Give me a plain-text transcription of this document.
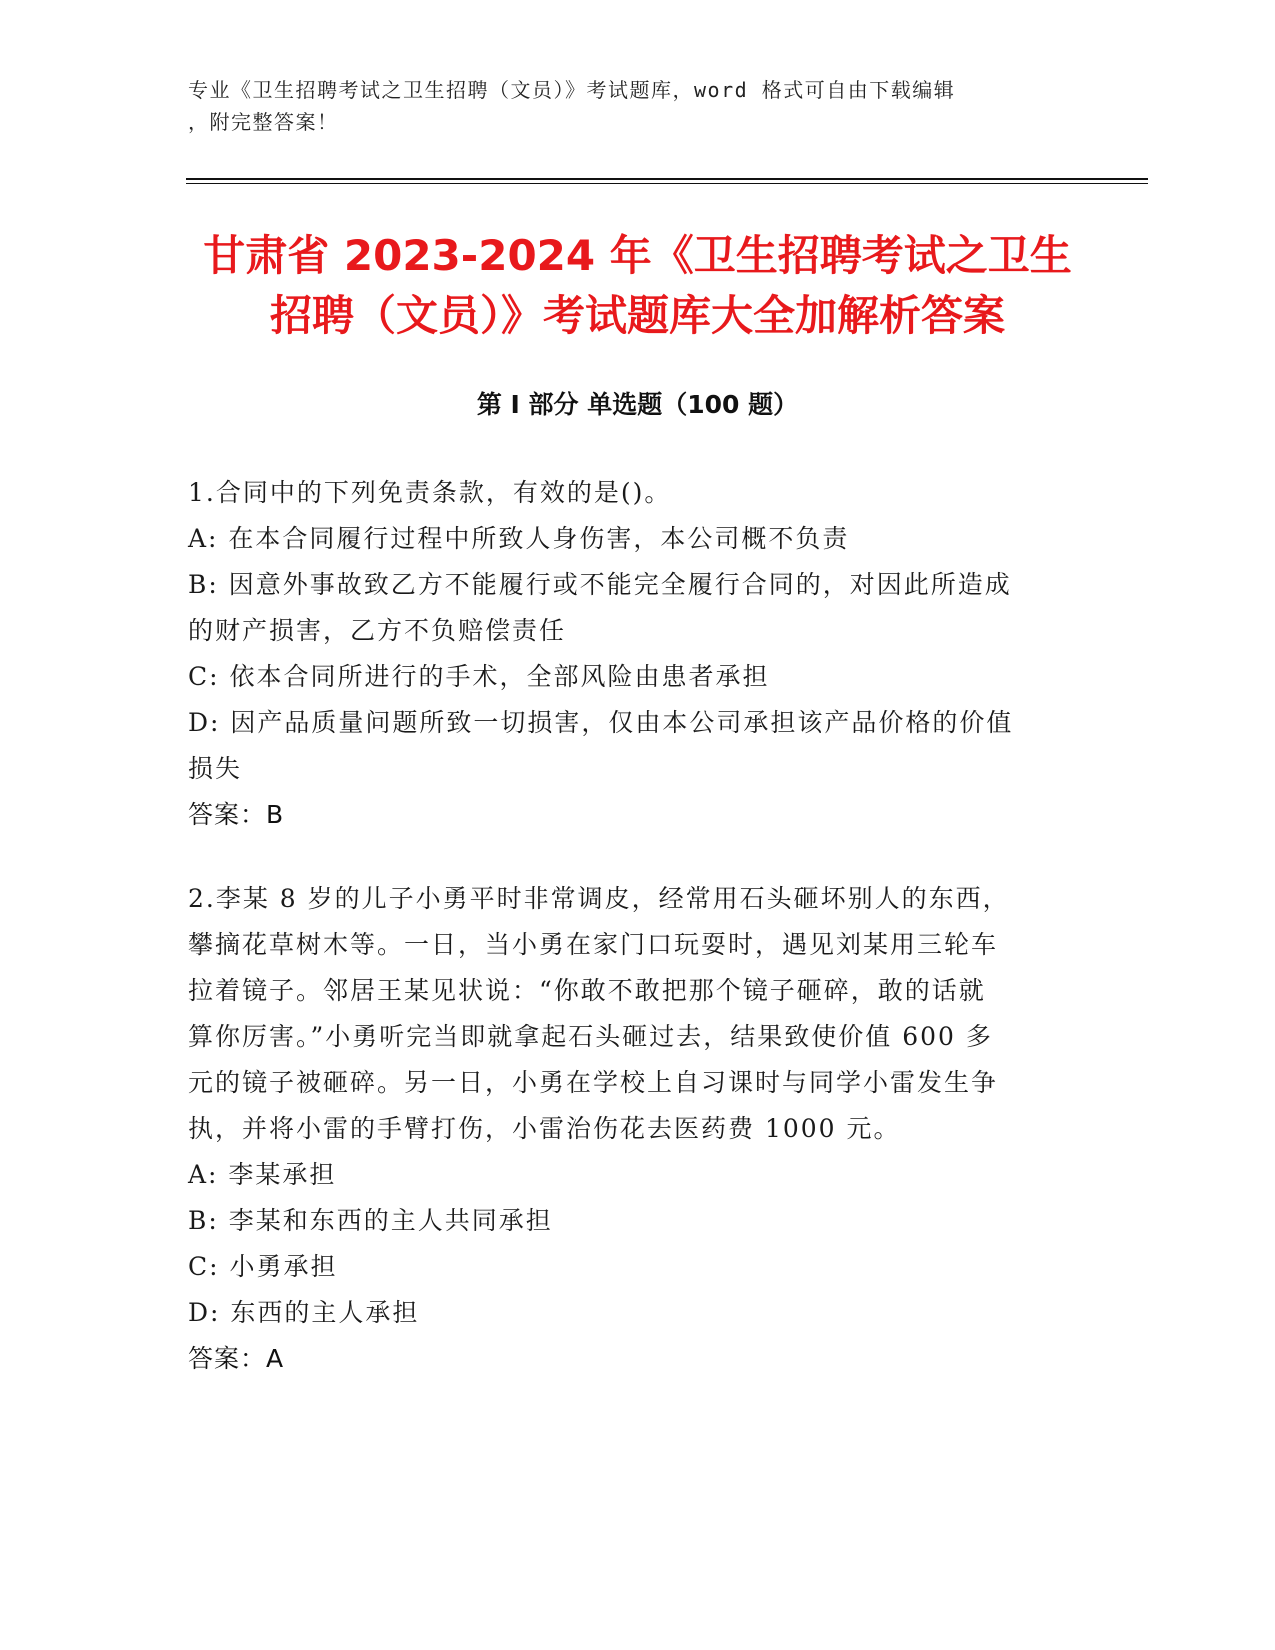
专业《卫生招聘考试之卫生招聘（文员）》考试题库，word 格式可自由下载编辑
，附完整答案！
甘肃省 2023-2024 年《卫生招聘考试之卫生
招聘（文员）》考试题库大全加解析答案
第 I 部分 单选题（100 题）
1.合同中的下列免责条款，有效的是()。
A: 在本合同履行过程中所致人身伤害，本公司概不负责
B: 因意外事故致乙方不能履行或不能完全履行合同的，对因此所造成
的财产损害，乙方不负赔偿责任
C: 依本合同所进行的手术，全部风险由患者承担
D: 因产品质量问题所致一切损害，仅由本公司承担该产品价格的价值
损失
答案：B
2.李某 8 岁的儿子小勇平时非常调皮，经常用石头砸坏别人的东西，
攀摘花草树木等。一日，当小勇在家门口玩耍时，遇见刘某用三轮车
拉着镜子。邻居王某见状说：“你敢不敢把那个镜子砸碎，敢的话就
算你厉害。”小勇听完当即就拿起石头砸过去，结果致使价值 600 多
元的镜子被砸碎。另一日，小勇在学校上自习课时与同学小雷发生争
执，并将小雷的手臂打伤，小雷治伤花去医药费 1000 元。
A: 李某承担
B: 李某和东西的主人共同承担
C: 小勇承担
D: 东西的主人承担
答案：A
